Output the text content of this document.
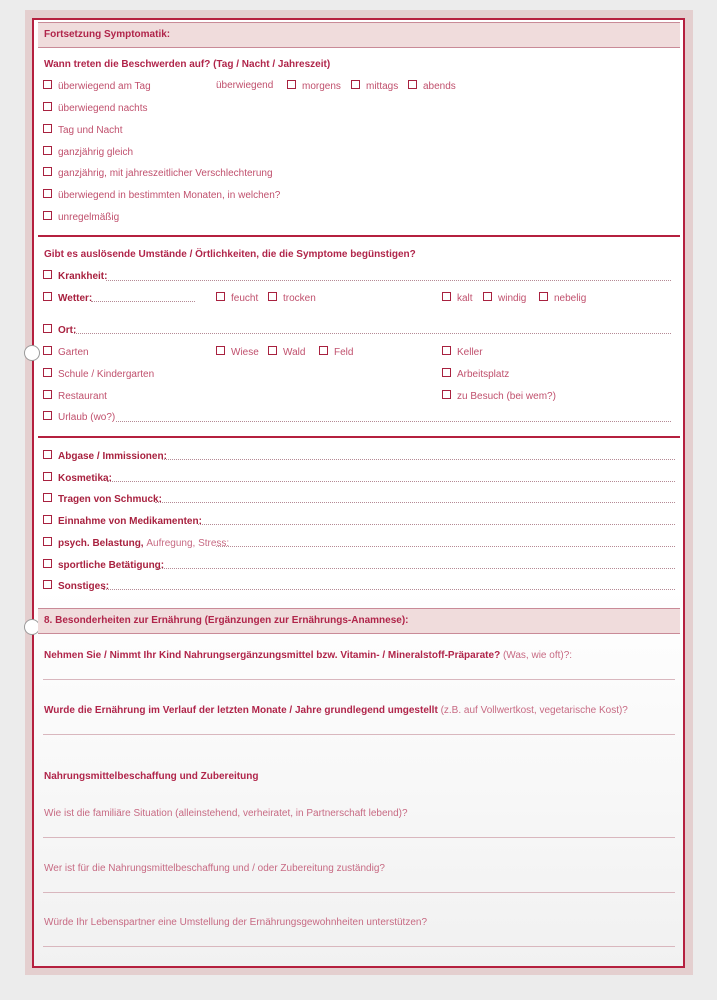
Fortsetzung Symptomatik:
Wann treten die Beschwerden auf? (Tag / Nacht / Jahreszeit)
überwiegend am Tag	überwiegend	morgens	mittags	abends
überwiegend nachts
Tag und Nacht
ganzjährig gleich
ganzjährig, mit jahreszeitlicher Verschlechterung
überwiegend in bestimmten Monaten, in welchen?
unregelmäßig
Gibt es auslösende Umstände / Örtlichkeiten, die die Symptome begünstigen?
Krankheit:
Wetter:	feucht	trocken	kalt	windig	nebelig
Ort:
Garten	Wiese	Wald	Feld	Keller
Schule / Kindergarten	Arbeitsplatz
Restaurant	zu Besuch (bei wem?)
Urlaub (wo?)
Abgase / Immissionen:
Kosmetika:
Tragen von Schmuck:
Einnahme von Medikamenten:
psych. Belastung, Aufregung, Stress:
sportliche Betätigung:
Sonstiges:
8. Besonderheiten zur Ernährung (Ergänzungen zur Ernährungs-Anamnese):
Nehmen Sie / Nimmt Ihr Kind Nahrungsergänzungsmittel bzw. Vitamin- / Mineralstoff-Präparate? (Was, wie oft)?:
Wurde die Ernährung im Verlauf der letzten Monate / Jahre grundlegend umgestellt (z.B. auf Vollwertkost, vegetarische Kost)?
Nahrungsmittelbeschaffung und Zubereitung
Wie ist die familiäre Situation (alleinstehend, verheiratet, in Partnerschaft lebend)?
Wer ist für die Nahrungsmittelbeschaffung und / oder Zubereitung zuständig?
Würde Ihr Lebenspartner eine Umstellung der Ernährungsgewohnheiten unterstützen?
